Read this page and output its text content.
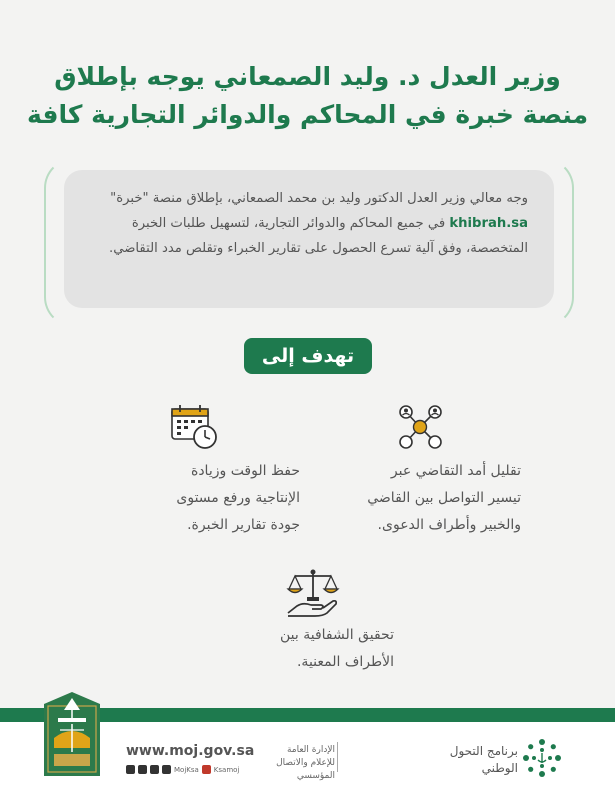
وزير العدل د. وليد الصمعاني يوجه بإطلاق
منصة خبرة في المحاكم والدوائر التجارية كافة
وجه معالي وزير العدل الدكتور وليد بن محمد الصمعاني، بإطلاق منصة "خبرة" khibrah.sa في جميع المحاكم والدوائر التجارية، لتسهيل طلبات الخبرة المتخصصة، وفق آلية تسرع الحصول على تقارير الخبراء وتقلص مدد التقاضي.
تهدف إلى
تقليل أمد التقاضي عبر
تيسير التواصل بين القاضي
والخبير وأطراف الدعوى.
حفظ الوقت وزيادة
الإنتاجية ورفع مستوى
جودة تقارير الخبرة.
تحقيق الشفافية بين
الأطراف المعنية.
www.moj.gov.sa
MojKsa Ksamoj
الإدارة العامة للإعلام والاتصال المؤسسي
برنامج التحول
الوطني
